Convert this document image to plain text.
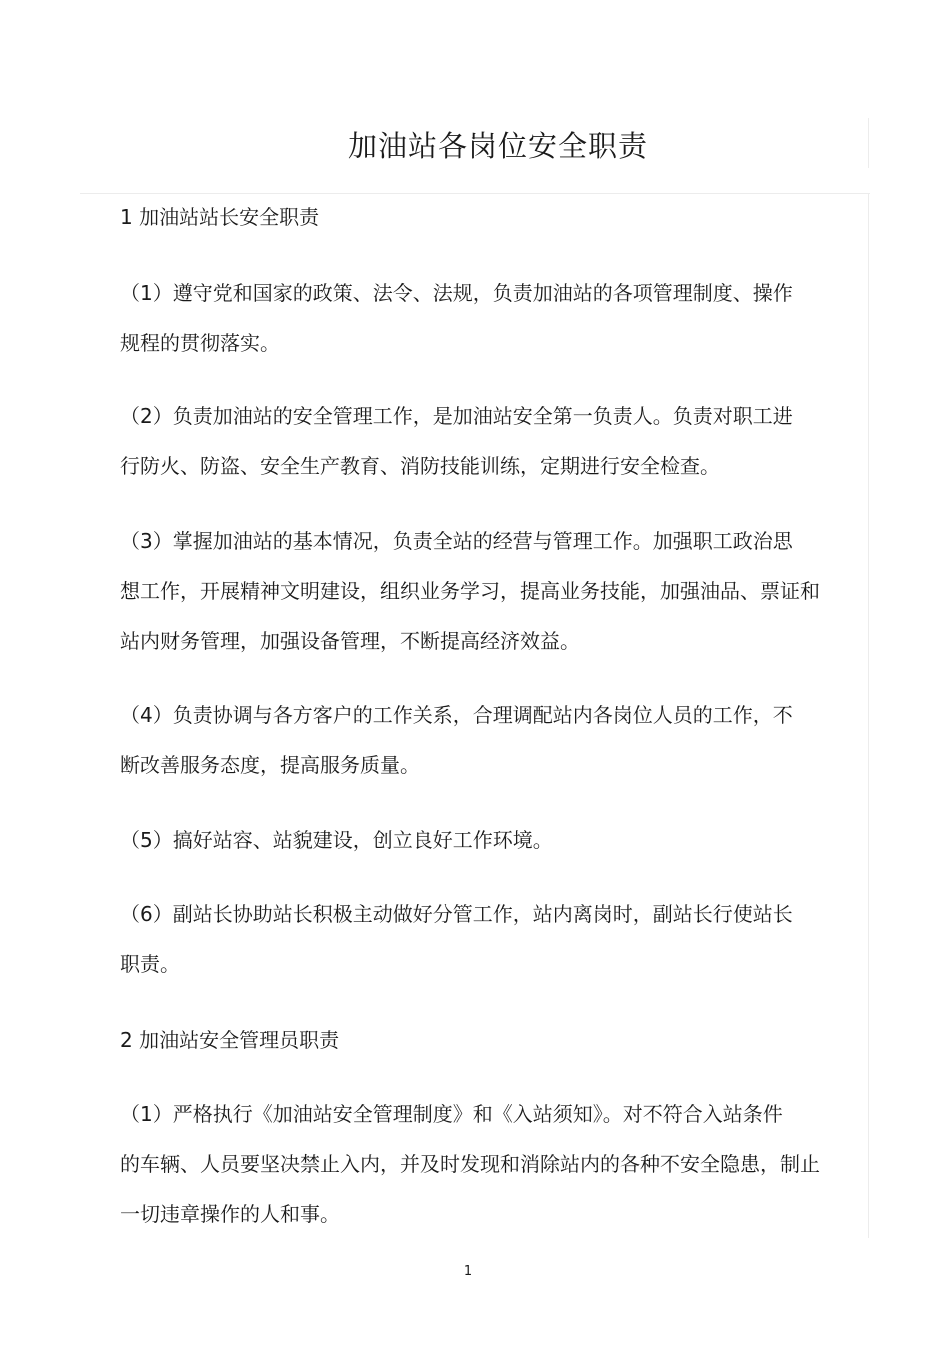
加油站各岗位安全职责
1 加油站站长安全职责

（1）遵守党和国家的政策、法令、法规，负责加油站的各项管理制度、操作
规程的贯彻落实。

（2）负责加油站的安全管理工作，是加油站安全第一负责人。负责对职工进
行防火、防盗、安全生产教育、消防技能训练，定期进行安全检查。

（3）掌握加油站的基本情况，负责全站的经营与管理工作。加强职工政治思
想工作，开展精神文明建设，组织业务学习，提高业务技能，加强油品、票证和
站内财务管理，加强设备管理，不断提高经济效益。

（4）负责协调与各方客户的工作关系，合理调配站内各岗位人员的工作，不
断改善服务态度，提高服务质量。

（5）搞好站容、站貌建设，创立良好工作环境。

（6）副站长协助站长积极主动做好分管工作，站内离岗时，副站长行使站长
职责。

2 加油站安全管理员职责

（1）严格执行《加油站安全管理制度》和《入站须知》。对不符合入站条件
的车辆、人员要坚决禁止入内，并及时发现和消除站内的各种不安全隐患，制止
一切违章操作的人和事。

1
